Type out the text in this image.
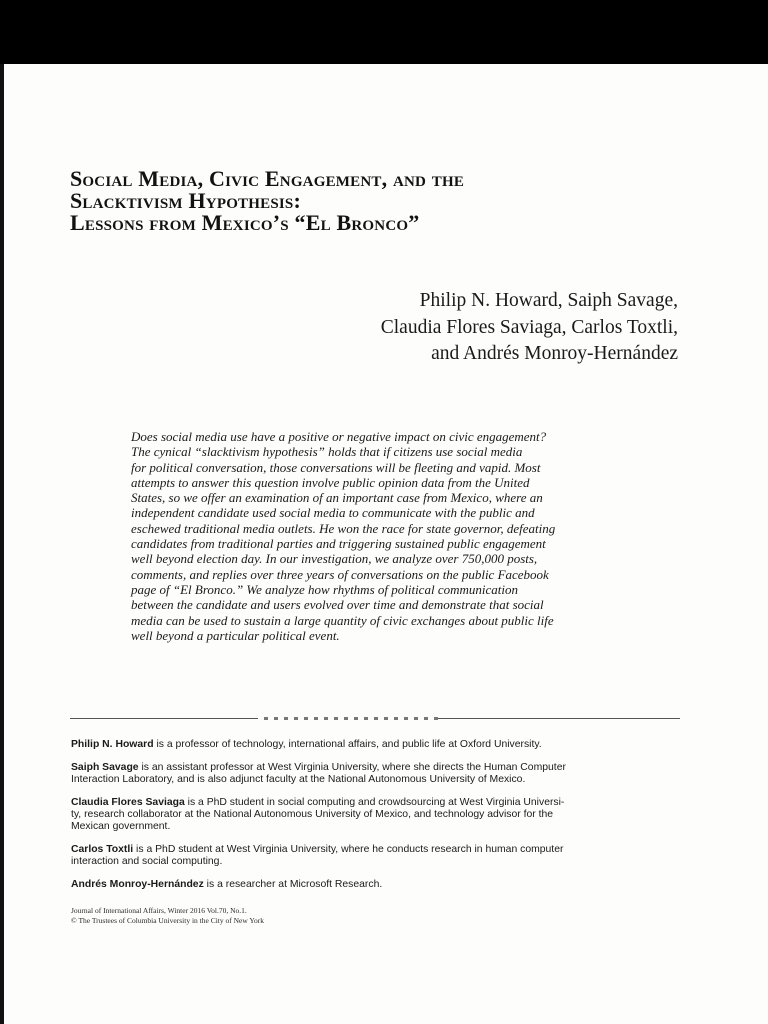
Social Media, Civic Engagement, and the
Slacktivism Hypothesis:
Lessons from Mexico’s “El Bronco”
Philip N. Howard, Saiph Savage,
Claudia Flores Saviaga, Carlos Toxtli,
and Andrés Monroy-Hernández

Does social media use have a positive or negative impact on civic engagement?
The cynical “slacktivism hypothesis” holds that if citizens use social media
for political conversation, those conversations will be fleeting and vapid. Most
attempts to answer this question involve public opinion data from the United
States, so we offer an examination of an important case from Mexico, where an
independent candidate used social media to communicate with the public and
eschewed traditional media outlets. He won the race for state governor, defeating
candidates from traditional parties and triggering sustained public engagement
well beyond election day. In our investigation, we analyze over 750,000 posts,
comments, and replies over three years of conversations on the public Facebook
page of “El Bronco.” We analyze how rhythms of political communication
between the candidate and users evolved over time and demonstrate that social
media can be used to sustain a large quantity of civic exchanges about public life
well beyond a particular political event.

Philip N. Howard is a professor of technology, international affairs, and public life at Oxford University.

Saiph Savage is an assistant professor at West Virginia University, where she directs the Human Computer
Interaction Laboratory, and is also adjunct faculty at the National Autonomous University of Mexico.

Claudia Flores Saviaga is a PhD student in social computing and crowdsourcing at West Virginia Universi-
ty, research collaborator at the National Autonomous University of Mexico, and technology advisor for the
Mexican government.

Carlos Toxtli is a PhD student at West Virginia University, where he conducts research in human computer
interaction and social computing.

Andrés Monroy-Hernández is a researcher at Microsoft Research.

Journal of International Affairs, Winter 2016 Vol.70, No.1.
© The Trustees of Columbia University in the City of New York
